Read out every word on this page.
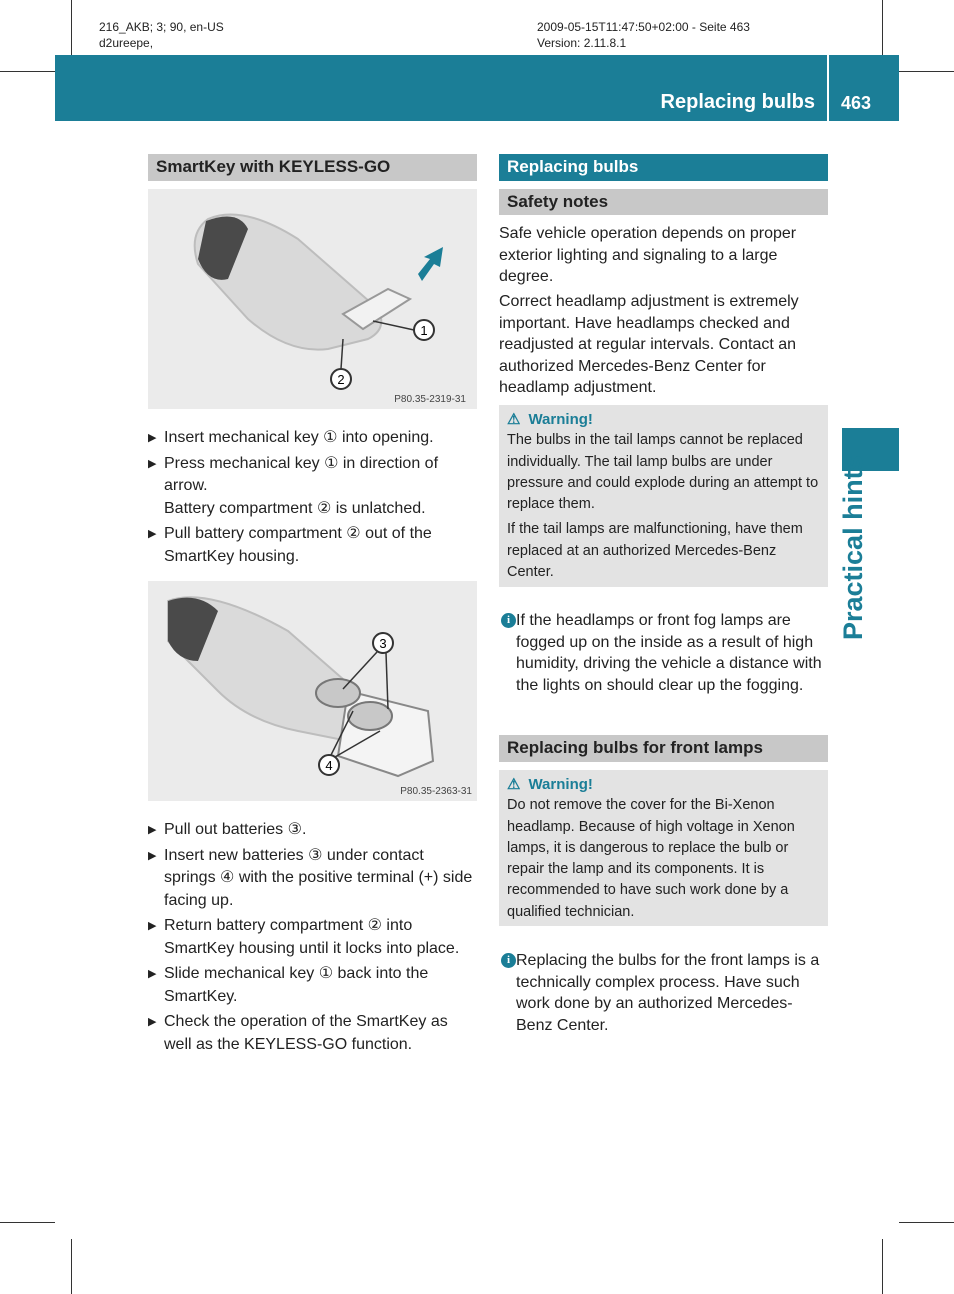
216_AKB; 3; 90, en-US
d2ureepe,
2009-05-15T11:47:50+02:00 - Seite 463
Version: 2.11.8.1
Replacing bulbs 463
Practical hints
SmartKey with KEYLESS-GO
1
2
P80.35-2319-31
▶ Insert mechanical key ① into opening.
▶ Press mechanical key ① in direction of arrow.
Battery compartment ② is unlatched.
▶ Pull battery compartment ② out of the SmartKey housing.
3
4
P80.35-2363-31
▶ Pull out batteries ③.
▶ Insert new batteries ③ under contact springs ④ with the positive terminal (+) side facing up.
▶ Return battery compartment ② into SmartKey housing until it locks into place.
▶ Slide mechanical key ① back into the SmartKey.
▶ Check the operation of the SmartKey as well as the KEYLESS-GO function.
Replacing bulbs
Safety notes
Safe vehicle operation depends on proper exterior lighting and signaling to a large degree.
Correct headlamp adjustment is extremely important. Have headlamps checked and readjusted at regular intervals. Contact an authorized Mercedes-Benz Center for headlamp adjustment.
⚠ Warning!

The bulbs in the tail lamps cannot be replaced individually. The tail lamp bulbs are under pressure and could explode during an attempt to replace them.

If the tail lamps are malfunctioning, have them replaced at an authorized Mercedes-Benz Center.

i If the headlamps or front fog lamps are fogged up on the inside as a result of high humidity, driving the vehicle a distance with the lights on should clear up the fogging.
Replacing bulbs for front lamps
⚠ Warning!

Do not remove the cover for the Bi-Xenon headlamp. Because of high voltage in Xenon lamps, it is dangerous to replace the bulb or repair the lamp and its components. It is recommended to have such work done by a qualified technician.

i Replacing the bulbs for the front lamps is a technically complex process. Have such work done by an authorized Mercedes-Benz Center.
